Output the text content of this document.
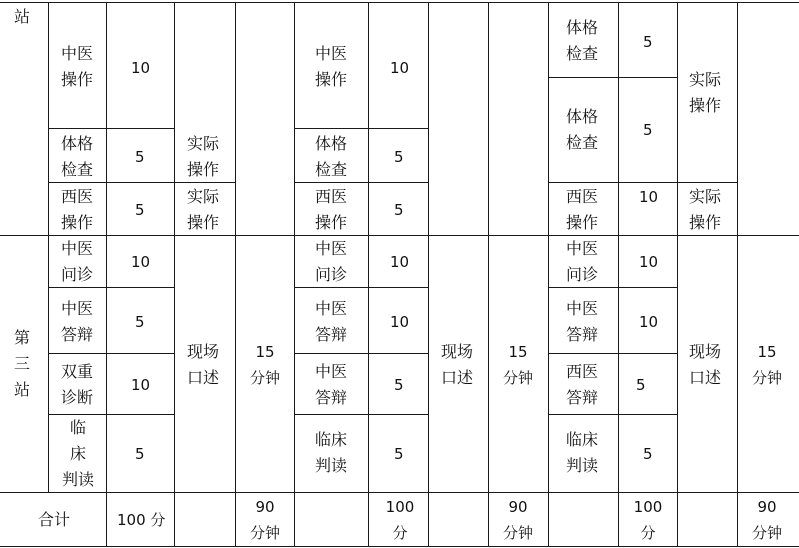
站
第
三
站
中医
操作
10
体格
检查
5
实际
操作
西医
操作
5
实际
操作
中医
问诊
10
中医
答辩
5
双重
诊断
10
临
床
判读
5
现场
口述
15
分钟
中医
操作
10
体格
检查
5
西医
操作
5
中医
问诊
10
中医
答辩
10
中医
答辩
5
临床
判读
5
现场
口述
15
分钟
体格
检查
5
体格
检查
5
实际
操作
西医
操作
10 实际
操作
中医
问诊
10
中医
答辩
10
西医
答辩
5
临床
判读
5
现场
口述
15
分钟
合计	100 分
90
分钟
100
分
90
分钟
100
分
90
分钟
